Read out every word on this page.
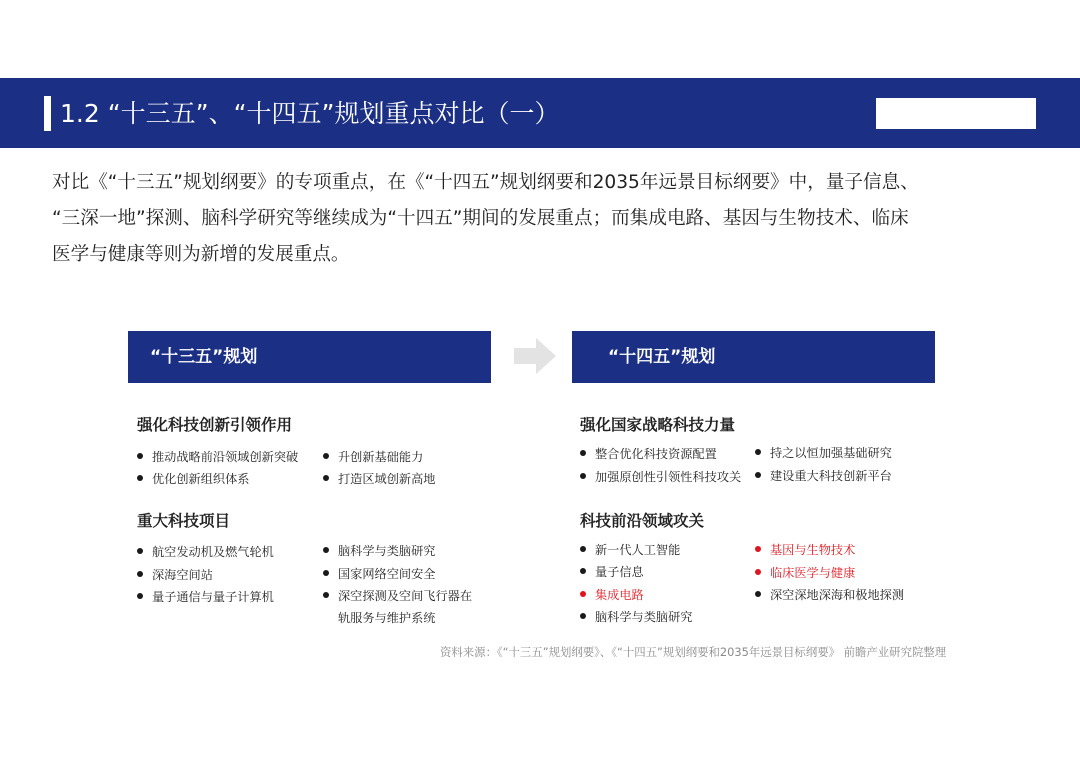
1.2 “十三五”、“十四五”规划重点对比（一）

对比《“十三五”规划纲要》的专项重点，在《“十四五”规划纲要和2035年远景目标纲要》中，量子信息、

“三深一地”探测、脑科学研究等继续成为“十四五”期间的发展重点；而集成电路、基因与生物技术、临床

医学与健康等则为新增的发展重点。

“十三五”规划	“十四五”规划
强化科技创新引领作用
推动战略前沿领域创新突破
优化创新组织体系
升创新基础能力
打造区域创新高地
重大科技项目
航空发动机及燃气轮机
深海空间站
量子通信与量子计算机
脑科学与类脑研究
国家网络空间安全
深空探测及空间飞行器在
轨服务与维护系统
强化国家战略科技力量
整合优化科技资源配置
加强原创性引领性科技攻关
持之以恒加强基础研究
建设重大科技创新平台
科技前沿领域攻关
新一代人工智能
量子信息
集成电路
脑科学与类脑研究
基因与生物技术
临床医学与健康
深空深地深海和极地探测
资料来源：《“十三五”规划纲要》、《“十四五”规划纲要和2035年远景目标纲要》 前瞻产业研究院整理
